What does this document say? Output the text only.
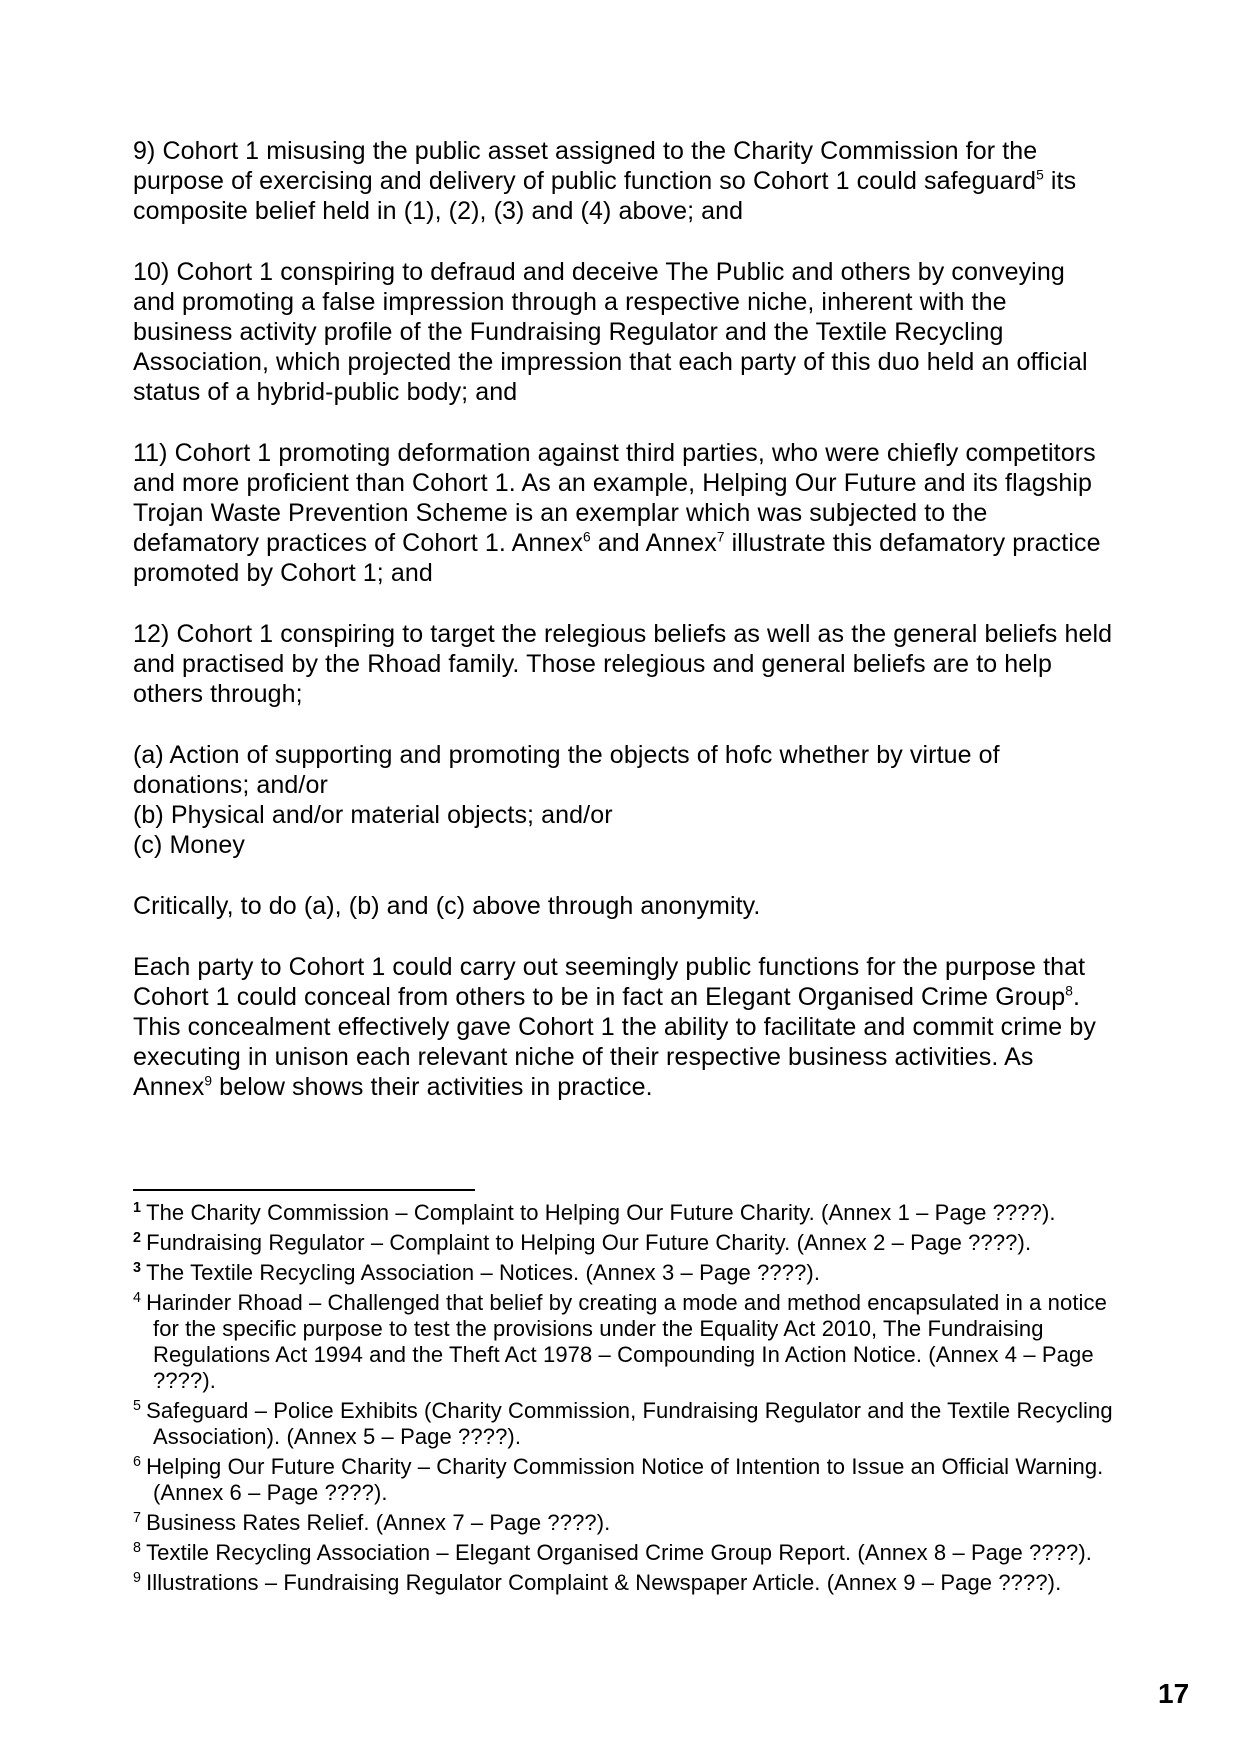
9) Cohort 1 misusing the public asset assigned to the Charity Commission for the purpose of exercising and delivery of public function so Cohort 1 could safeguard$^5$ its composite belief held in (1), (2), (3) and (4) above; and

10) Cohort 1 conspiring to defraud and deceive The Public and others by conveying and promoting a false impression through a respective niche, inherent with the business activity profile of the Fundraising Regulator and the Textile Recycling Association, which projected the impression that each party of this duo held an official status of a hybrid-public body; and

11) Cohort 1 promoting deformation against third parties, who were chiefly competitors and more proficient than Cohort 1. As an example, Helping Our Future and its flagship Trojan Waste Prevention Scheme is an exemplar which was subjected to the defamatory practices of Cohort 1. Annex$^6$ and Annex$^7$ illustrate this defamatory practice promoted by Cohort 1; and

12) Cohort 1 conspiring to target the relegious beliefs as well as the general beliefs held and practised by the Rhoad family. Those relegious and general beliefs are to help others through;

(a) Action of supporting and promoting the objects of hofc whether by virtue of donations; and/or

(b) Physical and/or material objects; and/or

(c) Money

Critically, to do (a), (b) and (c) above through anonymity.

Each party to Cohort 1 could carry out seemingly public functions for the purpose that Cohort 1 could conceal from others to be in fact an Elegant Organised Crime Group$^8$. This concealment effectively gave Cohort 1 the ability to facilitate and commit crime by executing in unison each relevant niche of their respective business activities. As Annex$^9$ below shows their activities in practice.

$^1$ The Charity Commission – Complaint to Helping Our Future Charity. (Annex 1 – Page ????).
$^2$ Fundraising Regulator – Complaint to Helping Our Future Charity. (Annex 2 – Page ????).
$^3$ The Textile Recycling Association – Notices. (Annex 3 – Page ????).
$^4$ Harinder Rhoad – Challenged that belief by creating a mode and method encapsulated in a notice for the specific purpose to test the provisions under the Equality Act 2010, The Fundraising Regulations Act 1994 and the Theft Act 1978 – Compounding In Action Notice. (Annex 4 – Page ????).
$^5$ Safeguard – Police Exhibits (Charity Commission, Fundraising Regulator and the Textile Recycling Association). (Annex 5 – Page ????).
$^6$ Helping Our Future Charity – Charity Commission Notice of Intention to Issue an Official Warning. (Annex 6 – Page ????).
$^7$ Business Rates Relief. (Annex 7 – Page ????).
$^8$ Textile Recycling Association – Elegant Organised Crime Group Report. (Annex 8 – Page ????).
$^9$ Illustrations – Fundraising Regulator Complaint & Newspaper Article. (Annex 9 – Page ????).
17
